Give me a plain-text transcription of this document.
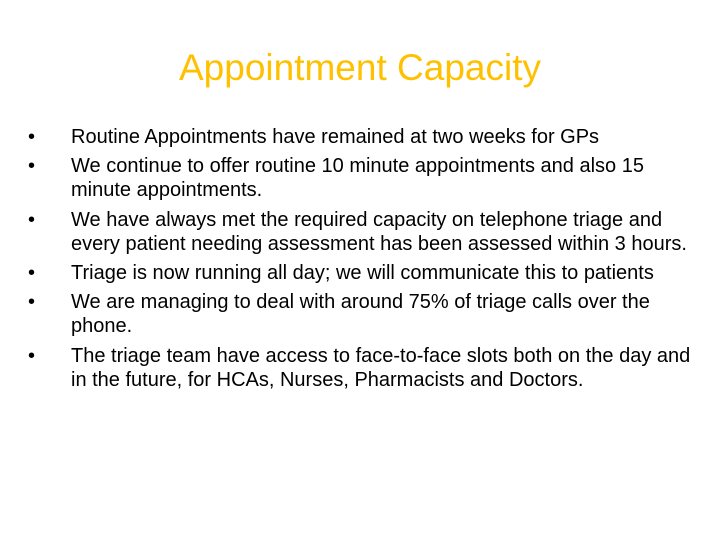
Appointment Capacity
• Routine Appointments have remained at two weeks for GPs
• We continue to offer routine 10 minute appointments and also 15 minute appointments.
• We have always met the required capacity on telephone triage and every patient needing assessment has been assessed within 3 hours.
• Triage is now running all day; we will communicate this to patients
• We are managing to deal with around 75% of triage calls over the phone.
• The triage team have access to face-to-face slots both on the day and in the future, for HCAs, Nurses, Pharmacists and Doctors.
